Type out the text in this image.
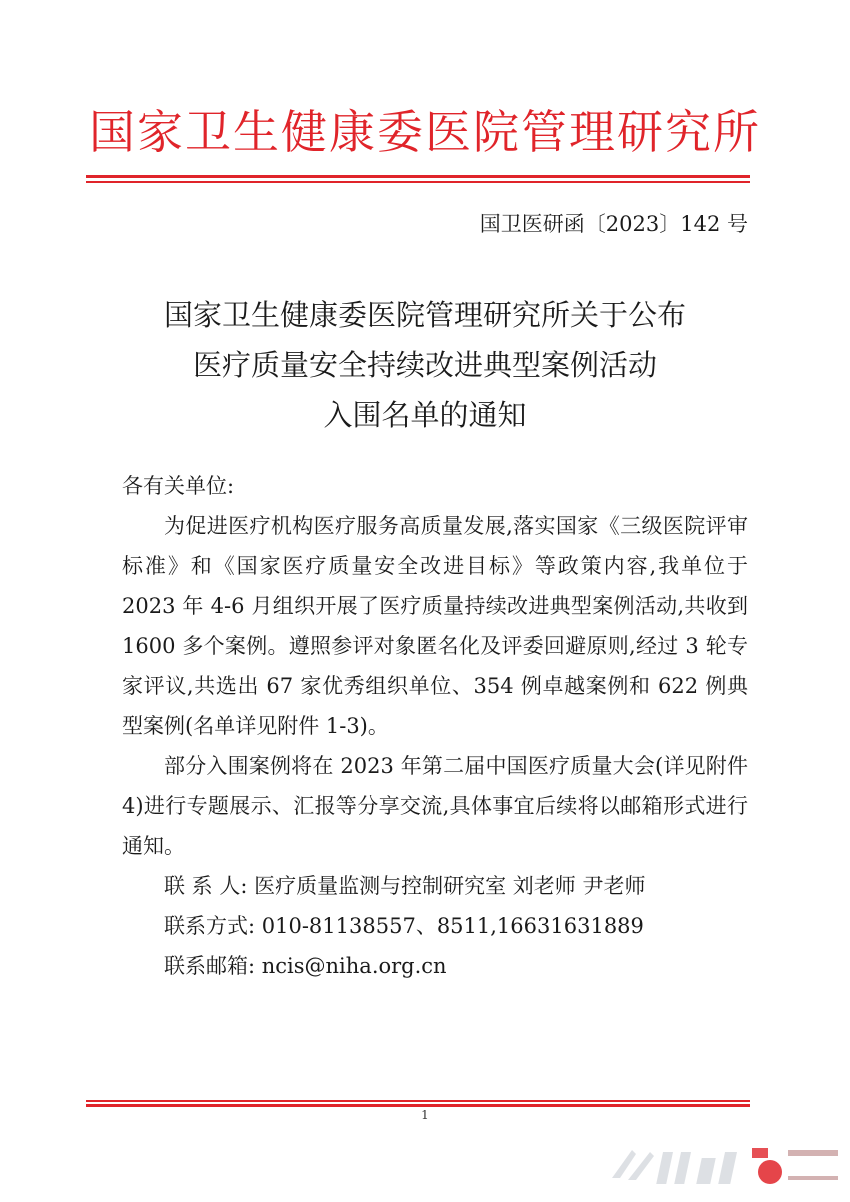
国家卫生健康委医院管理研究所
国卫医研函〔2023〕142 号
国家卫生健康委医院管理研究所关于公布
医疗质量安全持续改进典型案例活动
入围名单的通知

各有关单位:

为促进医疗机构医疗服务高质量发展,落实国家《三级医院评审标准》和《国家医疗质量安全改进目标》等政策内容,我单位于 2023 年 4-6 月组织开展了医疗质量持续改进典型案例活动,共收到 1600 多个案例。遵照参评对象匿名化及评委回避原则,经过 3 轮专家评议,共选出 67 家优秀组织单位、354 例卓越案例和 622 例典型案例(名单详见附件 1-3)。

部分入围案例将在 2023 年第二届中国医疗质量大会(详见附件 4)进行专题展示、汇报等分享交流,具体事宜后续将以邮箱形式进行通知。

联 系 人: 医疗质量监测与控制研究室 刘老师 尹老师

联系方式: 010-81138557、8511,16631631889

联系邮箱: ncis@niha.org.cn

1
